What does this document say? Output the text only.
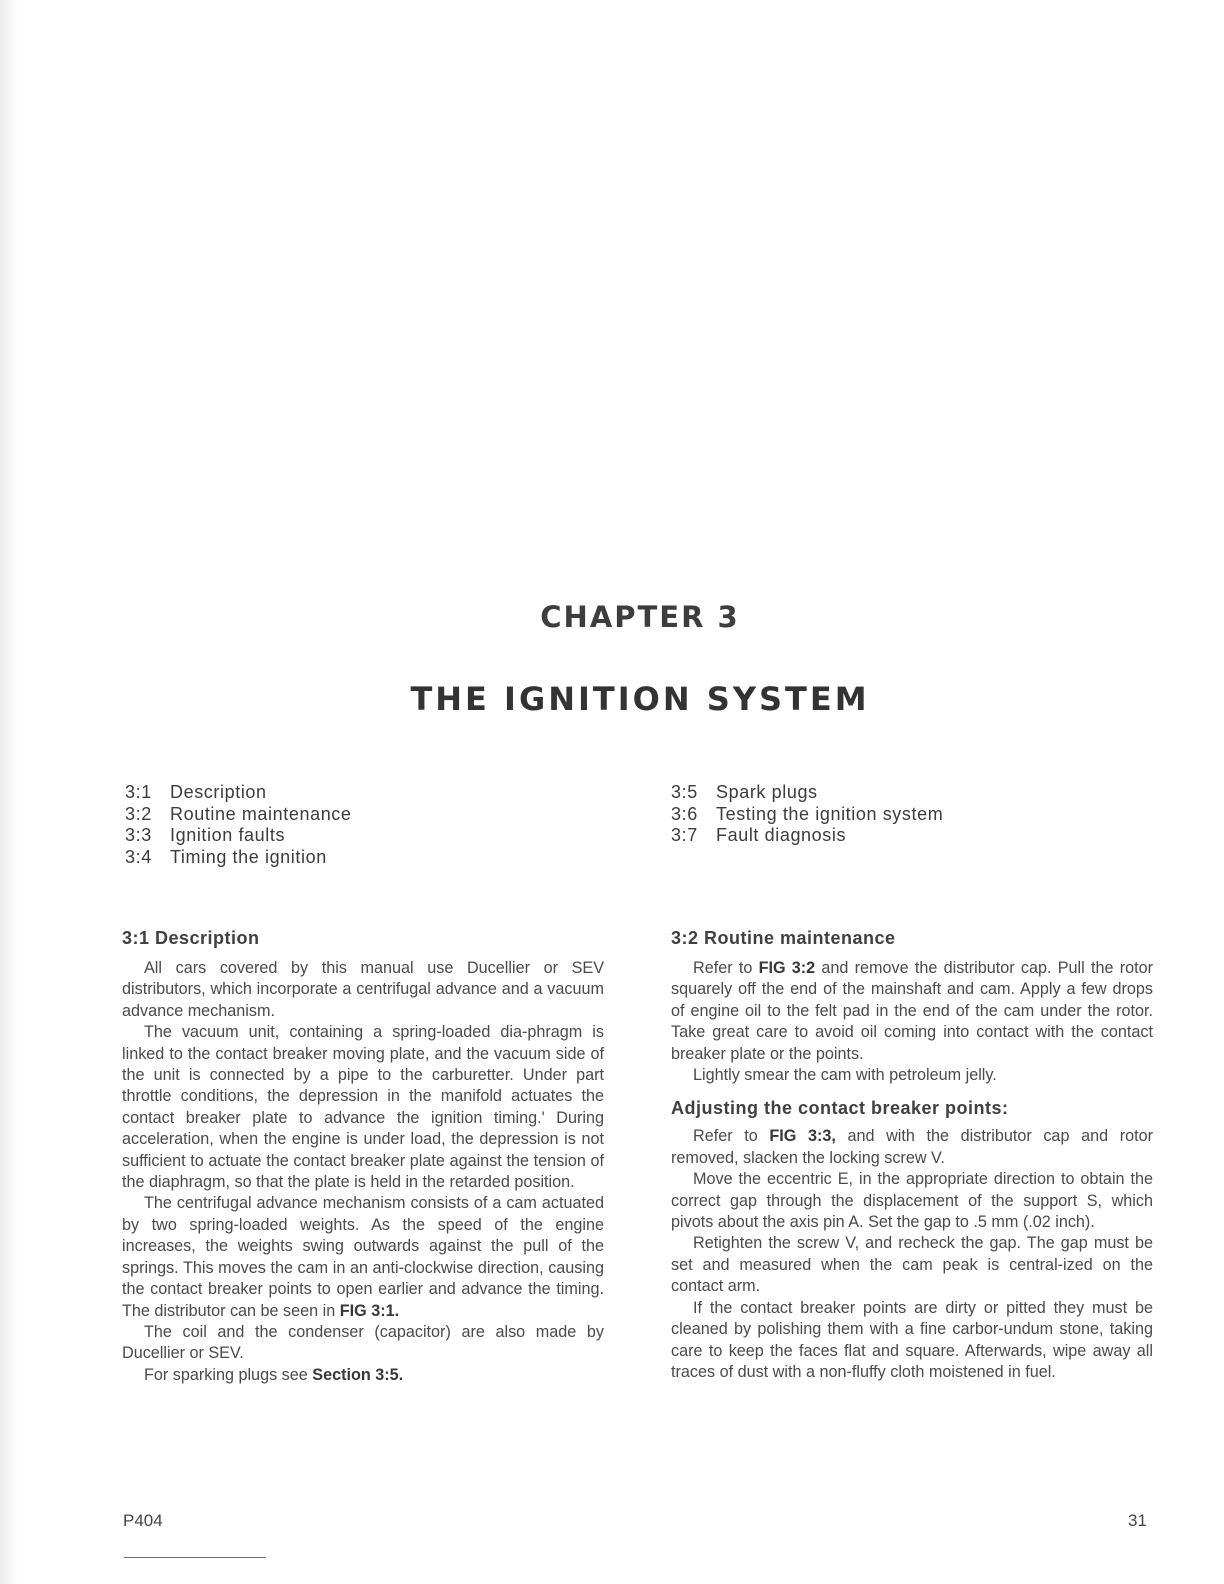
CHAPTER 3
THE IGNITION SYSTEM
3:1 Description
3:2 Routine maintenance
3:3 Ignition faults
3:4 Timing the ignition
3:5 Spark plugs
3:6 Testing the ignition system
3:7 Fault diagnosis
3:1 Description

All cars covered by this manual use Ducellier or SEV distributors, which incorporate a centrifugal advance and a vacuum advance mechanism.

The vacuum unit, containing a spring-loaded dia-phragm is linked to the contact breaker moving plate, and the vacuum side of the unit is connected by a pipe to the carburetter. Under part throttle conditions, the depression in the manifold actuates the contact breaker plate to advance the ignition timing.' During acceleration, when the engine is under load, the depression is not sufficient to actuate the contact breaker plate against the tension of the diaphragm, so that the plate is held in the retarded position.

The centrifugal advance mechanism consists of a cam actuated by two spring-loaded weights. As the speed of the engine increases, the weights swing outwards against the pull of the springs. This moves the cam in an anti-clockwise direction, causing the contact breaker points to open earlier and advance the timing. The distributor can be seen in FIG 3:1.

The coil and the condenser (capacitor) are also made by Ducellier or SEV.

For sparking plugs see Section 3:5.

3:2 Routine maintenance

Refer to FIG 3:2 and remove the distributor cap. Pull the rotor squarely off the end of the mainshaft and cam. Apply a few drops of engine oil to the felt pad in the end of the cam under the rotor. Take great care to avoid oil coming into contact with the contact breaker plate or the points.

Lightly smear the cam with petroleum jelly.

Adjusting the contact breaker points:

Refer to FIG 3:3, and with the distributor cap and rotor removed, slacken the locking screw V.

Move the eccentric E, in the appropriate direction to obtain the correct gap through the displacement of the support S, which pivots about the axis pin A. Set the gap to .5 mm (.02 inch).

Retighten the screw V, and recheck the gap. The gap must be set and measured when the cam peak is central-ized on the contact arm.

If the contact breaker points are dirty or pitted they must be cleaned by polishing them with a fine carbor-undum stone, taking care to keep the faces flat and square. Afterwards, wipe away all traces of dust with a non-fluffy cloth moistened in fuel.

P404	31
